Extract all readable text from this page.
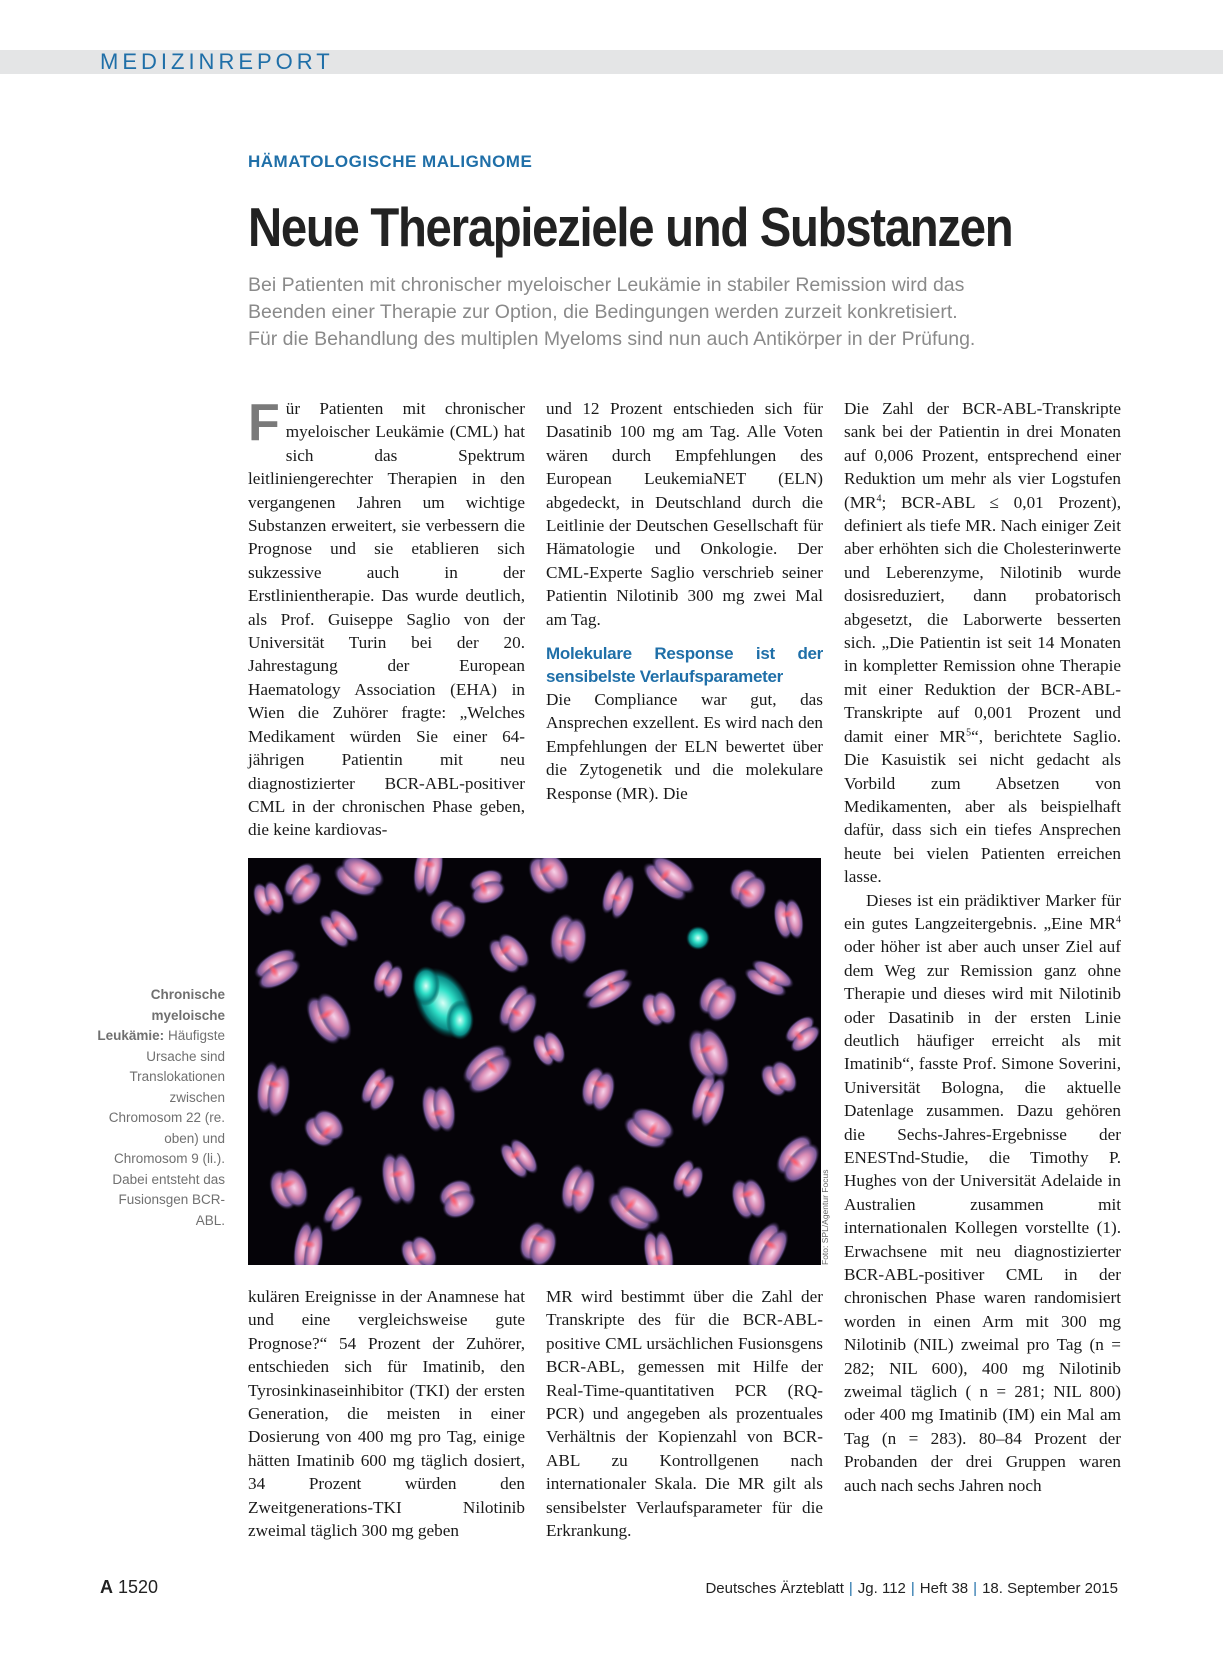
MEDIZINREPORT
HÄMATOLOGISCHE MALIGNOME
Neue Therapieziele und Substanzen

Bei Patienten mit chronischer myeloischer Leukämie in stabiler Remission wird das

Beenden einer Therapie zur Option, die Bedingungen werden zurzeit konkretisiert.

Für die Behandlung des multiplen Myeloms sind nun auch Antikörper in der Prüfung.

Für Patienten mit chronischer myeloischer Leukämie (CML) hat sich das Spektrum leitliniengerechter Therapien in den vergangenen Jahren um wichtige Substanzen erweitert, sie verbessern die Prognose und sie etablieren sich sukzessive auch in der Erstlinientherapie. Das wurde deutlich, als Prof. Guiseppe Saglio von der Universität Turin bei der 20. Jahrestagung der European Haematology Association (EHA) in Wien die Zuhörer fragte: „Welches Medikament würden Sie einer 64-jährigen Patientin mit neu diagnostizierter BCR-ABL-positiver CML in der chronischen Phase geben, die keine kardiovas-

kulären Ereignisse in der Anamnese hat und eine vergleichsweise gute Prognose?“ 54 Prozent der Zuhörer, entschieden sich für Imatinib, den Tyrosinkinaseinhibitor (TKI) der ersten Generation, die meisten in einer Dosierung von 400 mg pro Tag, einige hätten Imatinib 600 mg täglich dosiert, 34 Prozent würden den Zweitgenerations-TKI Nilotinib zweimal täglich 300 mg geben

und 12 Prozent entschieden sich für Dasatinib 100 mg am Tag. Alle Voten wären durch Empfehlungen des European LeukemiaNET (ELN) abgedeckt, in Deutschland durch die Leitlinie der Deutschen Gesellschaft für Hämatologie und Onkologie. Der CML-Experte Saglio verschrieb seiner Patientin Nilotinib 300 mg zwei Mal am Tag.

Molekulare Response ist der sensibelste Verlaufsparameter

Die Compliance war gut, das Ansprechen exzellent. Es wird nach den Empfehlungen der ELN bewertet über die Zytogenetik und die molekulare Response (MR). Die

MR wird bestimmt über die Zahl der Transkripte des für die BCR-ABL-positive CML ursächlichen Fusionsgens BCR-ABL, gemessen mit Hilfe der Real-Time-quantitativen PCR (RQ-PCR) und angegeben als prozentuales Verhältnis der Kopienzahl von BCR-ABL zu Kontrollgenen nach internationaler Skala. Die MR gilt als sensibelster Verlaufsparameter für die Erkrankung.

Die Zahl der BCR-ABL-Transkripte sank bei der Patientin in drei Monaten auf 0,006 Prozent, entsprechend einer Reduktion um mehr als vier Logstufen ($MR^4$; BCR-ABL ≤ 0,01 Prozent), definiert als tiefe MR. Nach einiger Zeit aber erhöhten sich die Cholesterinwerte und Leberenzyme, Nilotinib wurde dosisreduziert, dann probatorisch abgesetzt, die Laborwerte besserten sich. „Die Patientin ist seit 14 Monaten in kompletter Remission ohne Therapie mit einer Reduktion der BCR-ABL-Transkripte auf 0,001 Prozent und damit einer $MR^5“$, berichtete Saglio. Die Kasuistik sei nicht gedacht als Vorbild zum Absetzen von Medikamenten, aber als beispielhaft dafür, dass sich ein tiefes Ansprechen heute bei vielen Patienten erreichen lasse.

Dieses ist ein prädiktiver Marker für ein gutes Langzeitergebnis. „Eine $MR^4$ oder höher ist aber auch unser Ziel auf dem Weg zur Remission ganz ohne Therapie und dieses wird mit Nilotinib oder Dasatinib in der ersten Linie deutlich häufiger erreicht als mit Imatinib“, fasste Prof. Simone Soverini, Universität Bologna, die aktuelle Datenlage zusammen. Dazu gehören die Sechs-Jahres-Ergebnisse der ENESTnd-Studie, die Timothy P. Hughes von der Universität Adelaide in Australien zusammen mit internationalen Kollegen vorstellte (1). Erwachsene mit neu diagnostizierter BCR-ABL-positiver CML in der chronischen Phase waren randomisiert worden in einen Arm mit 300 mg Nilotinib (NIL) zweimal pro Tag (n = 282; NIL 600), 400 mg Nilotinib zweimal täglich ( n = 281; NIL 800) oder 400 mg Imatinib (IM) ein Mal am Tag (n = 283). 80–84 Prozent der Probanden der drei Gruppen waren auch nach sechs Jahren noch

Chronische myeloische Leukämie: Häufigste Ursache sind Translokationen zwischen Chromosom 22 (re. oben) und Chromosom 9 (li.). Dabei entsteht das Fusionsgen BCR-ABL.	Foto: SPL/Agentur Focus
A 1520	Deutsches Ärzteblatt | Jg. 112 | Heft 38 | 18. September 2015
